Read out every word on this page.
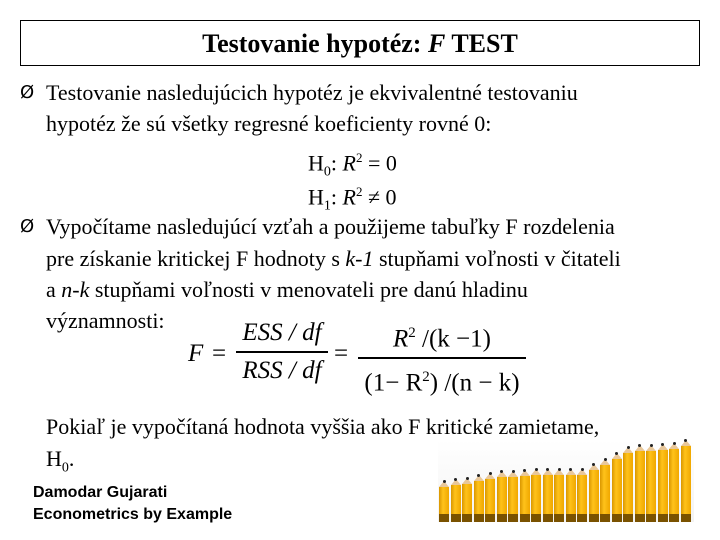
Testovanie hypotéz: F TEST
Ø Testovanie nasledujúcich hypotéz je ekvivalentné testovaniu
hypotéz že sú všetky regresné koeficienty rovné 0:
$H_0$: $R^2 = 0$
$H_1$: $R^2 \ne 0$
Ø Vypočítame nasledujúcí vzťah a použijeme tabuľky F rozdelenia
pre získanie kritickej F hodnoty s k-1 stupňami voľnosti v čitateli
a n-k stupňami voľnosti v menovateli pre danú hladinu
významnosti:
F =
ESS / df
RSS / df
=
$R^2$ /(k −1)
$(1- R^2)$ /(n − k)
Pokiaľ je vypočítaná hodnota vyššia ako F kritické zamietame,
$H_0$.
Damodar Gujarati
Econometrics by Example
